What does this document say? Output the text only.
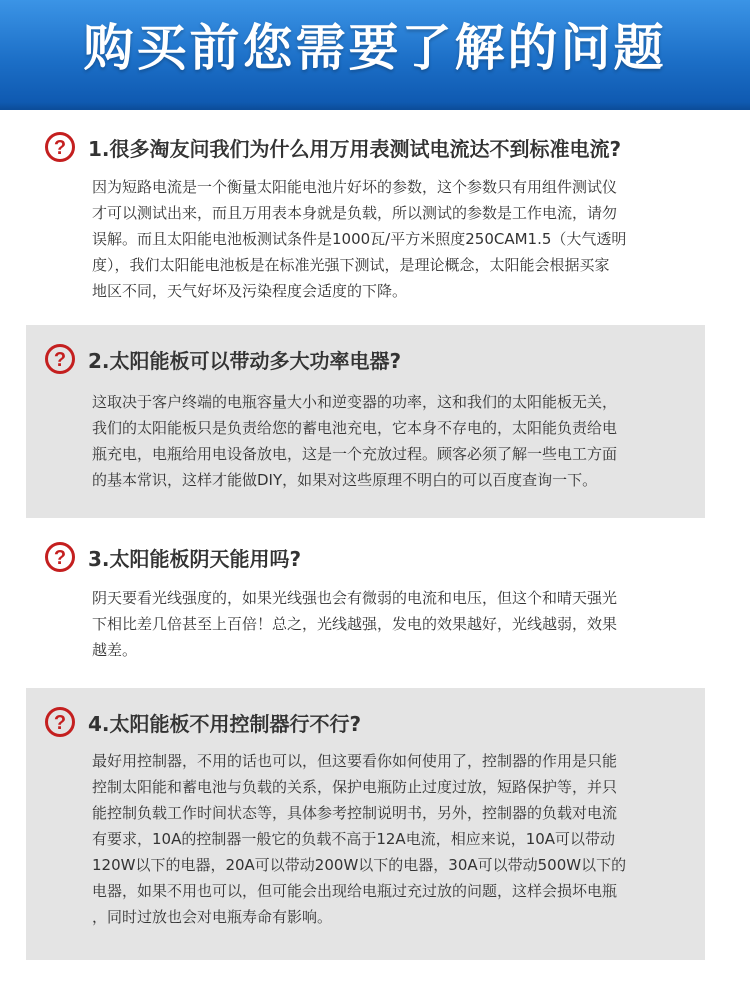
购买前您需要了解的问题
? 1.很多淘友问我们为什么用万用表测试电流达不到标准电流?
因为短路电流是一个衡量太阳能电池片好坏的参数，这个参数只有用组件测试仪
才可以测试出来，而且万用表本身就是负载，所以测试的参数是工作电流，请勿
误解。而且太阳能电池板测试条件是1000瓦/平方米照度250CAM1.5（大气透明
度），我们太阳能电池板是在标准光强下测试，是理论概念，太阳能会根据买家
地区不同，天气好坏及污染程度会适度的下降。
? 2.太阳能板可以带动多大功率电器?
这取决于客户终端的电瓶容量大小和逆变器的功率，这和我们的太阳能板无关，
我们的太阳能板只是负责给您的蓄电池充电，它本身不存电的，太阳能负责给电
瓶充电，电瓶给用电设备放电，这是一个充放过程。顾客必须了解一些电工方面
的基本常识，这样才能做DIY，如果对这些原理不明白的可以百度查询一下。
? 3.太阳能板阴天能用吗?
阴天要看光线强度的，如果光线强也会有微弱的电流和电压，但这个和晴天强光
下相比差几倍甚至上百倍！总之，光线越强，发电的效果越好，光线越弱，效果
越差。
? 4.太阳能板不用控制器行不行?
最好用控制器，不用的话也可以，但这要看你如何使用了，控制器的作用是只能
控制太阳能和蓄电池与负载的关系，保护电瓶防止过度过放，短路保护等，并只
能控制负载工作时间状态等，具体参考控制说明书，另外，控制器的负载对电流
有要求，10A的控制器一般它的负载不高于12A电流，相应来说，10A可以带动
120W以下的电器，20A可以带动200W以下的电器，30A可以带动500W以下的
电器，如果不用也可以，但可能会出现给电瓶过充过放的问题，这样会损坏电瓶
，同时过放也会对电瓶寿命有影响。
